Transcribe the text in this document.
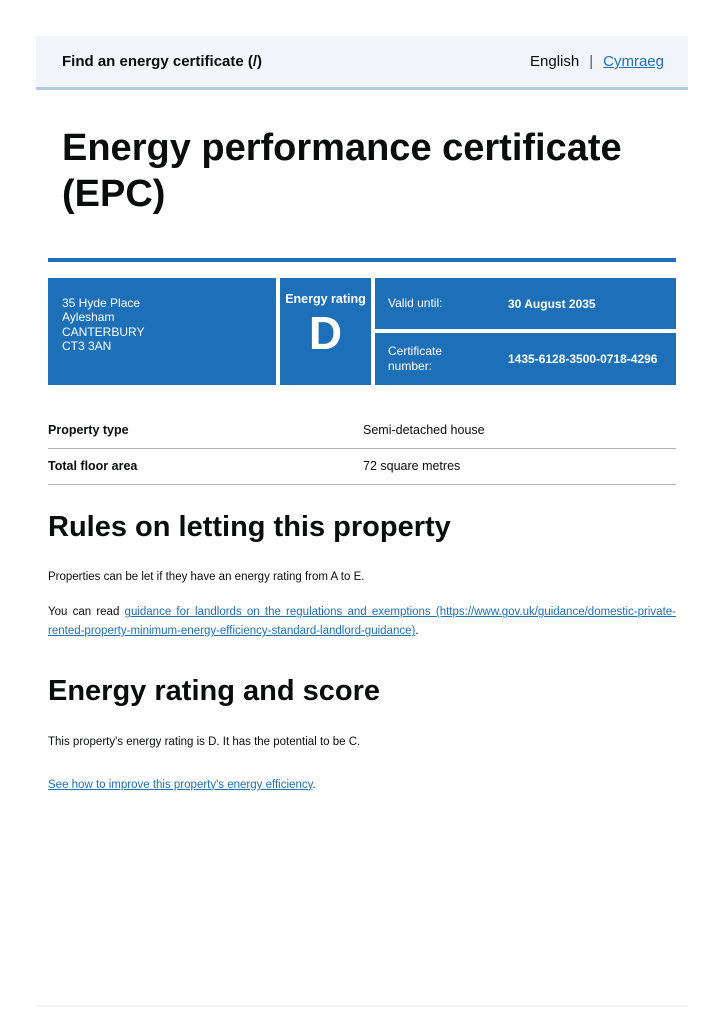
Find an energy certificate (/)	English | Cymraeg
Energy performance certificate (EPC)
35 Hyde Place
Aylesham
CANTERBURY
CT3 3AN
Energy rating
D
Valid until:	30 August 2035
Certificate number:	1435-6128-3500-0718-4296
Property type	Semi-detached house
Total floor area	72 square metres
Rules on letting this property

Properties can be let if they have an energy rating from A to E.

You can read guidance for landlords on the regulations and exemptions (https://www.gov.uk/guidance/domestic-private-rented-property-minimum-energy-efficiency-standard-landlord-guidance).

Energy rating and score

This property's energy rating is D. It has the potential to be C.

See how to improve this property's energy efficiency.
